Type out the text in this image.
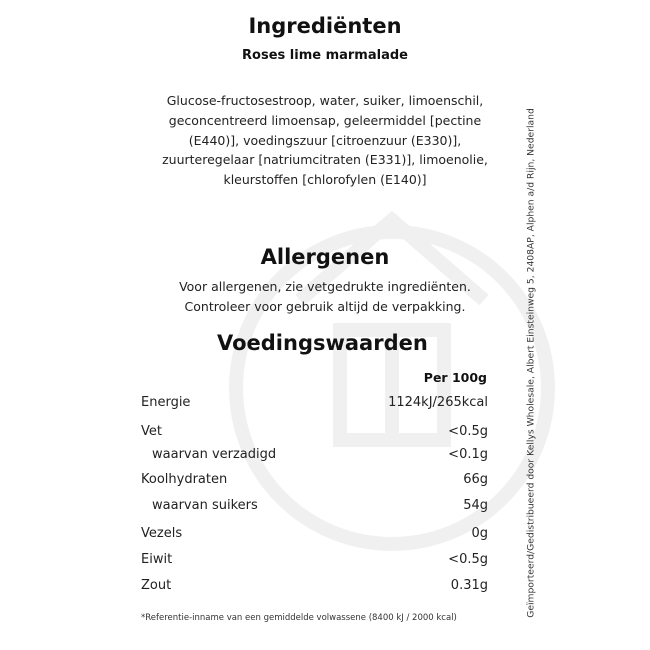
Ingrediënten
Roses lime marmalade
Glucose-fructosestroop, water, suiker, limoenschil,
geconcentreerd limoensap, geleermiddel [pectine
(E440)], voedingszuur [citroenzuur (E330)],
zuurteregelaar [natriumcitraten (E331)], limoenolie,
kleurstoffen [chlorofylen (E140)]
Allergenen
Voor allergenen, zie vetgedrukte ingrediënten.
Controleer voor gebruik altijd de verpakking.
Voedingswaarden
Per 100g
Energie	1124kJ/265kcal
Vet	<0.5g
waarvan verzadigd	<0.1g
Koolhydraten	66g
waarvan suikers	54g
Vezels	0g
Eiwit	<0.5g
Zout	0.31g
*Referentie-inname van een gemiddelde volwassene (8400 kJ / 2000 kcal)
Geïmporteerd/Gedistribueerd door Kellys Wholesale, Albert Einsteinweg 5, 2408AP, Alphen a/d Rijn, Nederland
